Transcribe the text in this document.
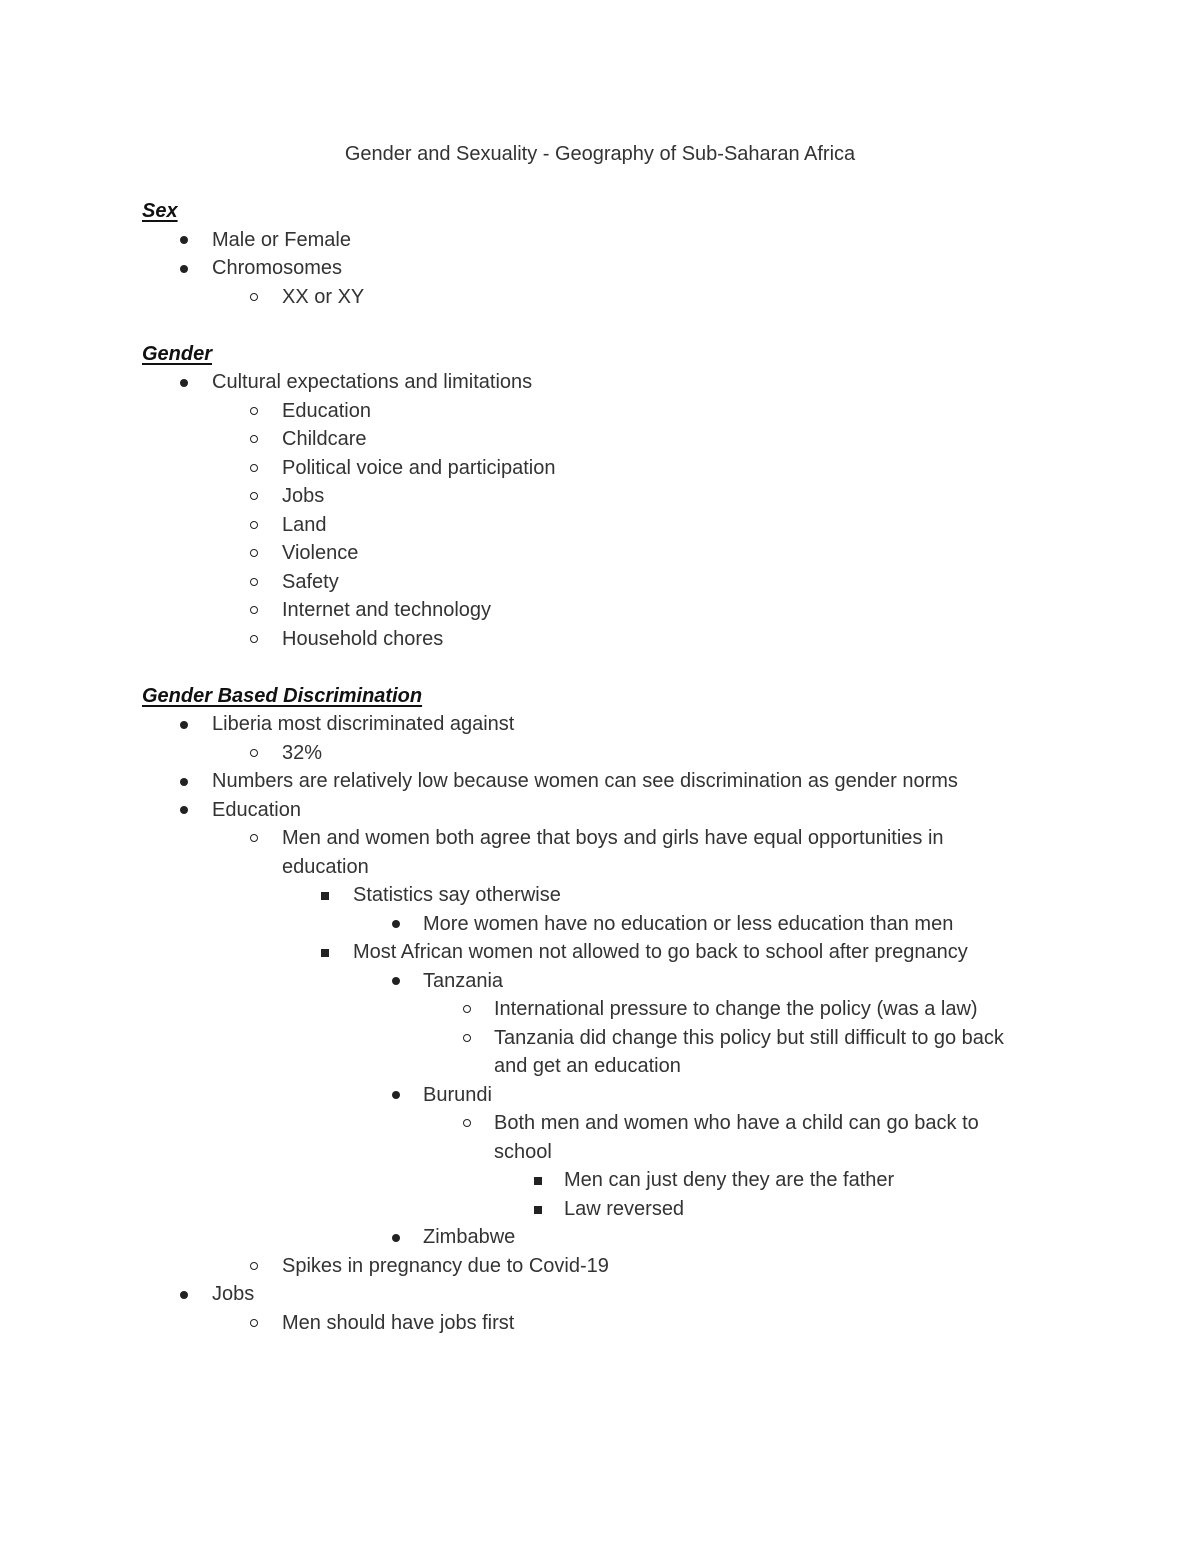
Gender and Sexuality - Geography of Sub-Saharan Africa
Sex
Male or Female
Chromosomes
XX or XY
Gender
Cultural expectations and limitations
Education
Childcare
Political voice and participation
Jobs
Land
Violence
Safety
Internet and technology
Household chores
Gender Based Discrimination
Liberia most discriminated against
32%
Numbers are relatively low because women can see discrimination as gender norms
Education
Men and women both agree that boys and girls have equal opportunities in
education
Statistics say otherwise
More women have no education or less education than men
Most African women not allowed to go back to school after pregnancy
Tanzania
International pressure to change the policy (was a law)
Tanzania did change this policy but still difficult to go back
and get an education
Burundi
Both men and women who have a child can go back to
school
Men can just deny they are the father
Law reversed
Zimbabwe
Spikes in pregnancy due to Covid-19
Jobs
Men should have jobs first
